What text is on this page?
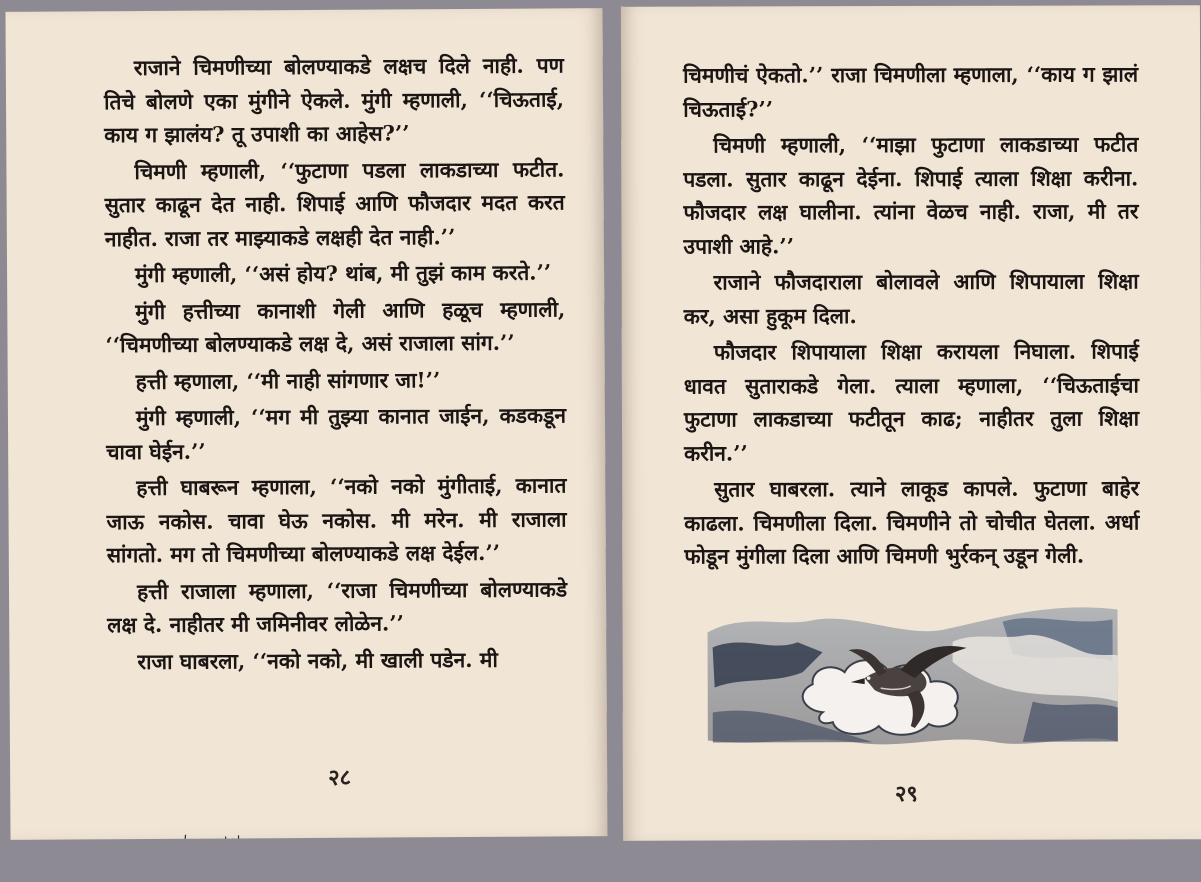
राजाने चिमणीच्या बोलण्याकडे लक्षच दिले नाही. पण तिचे बोलणे एका मुंगीने ऐकले. मुंगी म्हणाली, ‘‘चिऊताई, काय ग झालंय? तू उपाशी का आहेस?’’

चिमणी म्हणाली, ‘‘फुटाणा पडला लाकडाच्या फटीत. सुतार काढून देत नाही. शिपाई आणि फौजदार मदत करत नाहीत. राजा तर माझ्याकडे लक्षही देत नाही.’’

मुंगी म्हणाली, ‘‘असं होय? थांब, मी तुझं काम करते.’’

मुंगी हत्तीच्या कानाशी गेली आणि हळूच म्हणाली, ‘‘चिमणीच्या बोलण्याकडे लक्ष दे, असं राजाला सांग.’’

हत्ती म्हणाला, ‘‘मी नाही सांगणार जा!’’

मुंगी म्हणाली, ‘‘मग मी तुझ्या कानात जाईन, कडकडून चावा घेईन.’’

हत्ती घाबरून म्हणाला, ‘‘नको नको मुंगीताई, कानात जाऊ नकोस. चावा घेऊ नकोस. मी मरेन. मी राजाला सांगतो. मग तो चिमणीच्या बोलण्याकडे लक्ष देईल.’’

हत्ती राजाला म्हणाला, ‘‘राजा चिमणीच्या बोलण्याकडे लक्ष दे. नाहीतर मी जमिनीवर लोळेन.’’

राजा घाबरला, ‘‘नको नको, मी खाली पडेन. मी

२८

चिमणीचं ऐकतो.’’ राजा चिमणीला म्हणाला, ‘‘काय ग झालं चिऊताई?’’

चिमणी म्हणाली, ‘‘माझा फुटाणा लाकडाच्या फटीत पडला. सुतार काढून देईना. शिपाई त्याला शिक्षा करीना. फौजदार लक्ष घालीना. त्यांना वेळच नाही. राजा, मी तर उपाशी आहे.’’

राजाने फौजदाराला बोलावले आणि शिपायाला शिक्षा कर, असा हुकूम दिला.

फौजदार शिपायाला शिक्षा करायला निघाला. शिपाई धावत सुताराकडे गेला. त्याला म्हणाला, ‘‘चिऊताईचा फुटाणा लाकडाच्या फटीतून काढ; नाहीतर तुला शिक्षा करीन.’’

सुतार घाबरला. त्याने लाकूड कापले. फुटाणा बाहेर काढला. चिमणीला दिला. चिमणीने तो चोचीत घेतला. अर्धा फोडून मुंगीला दिला आणि चिमणी भुर्रकन् उडून गेली.

२९
